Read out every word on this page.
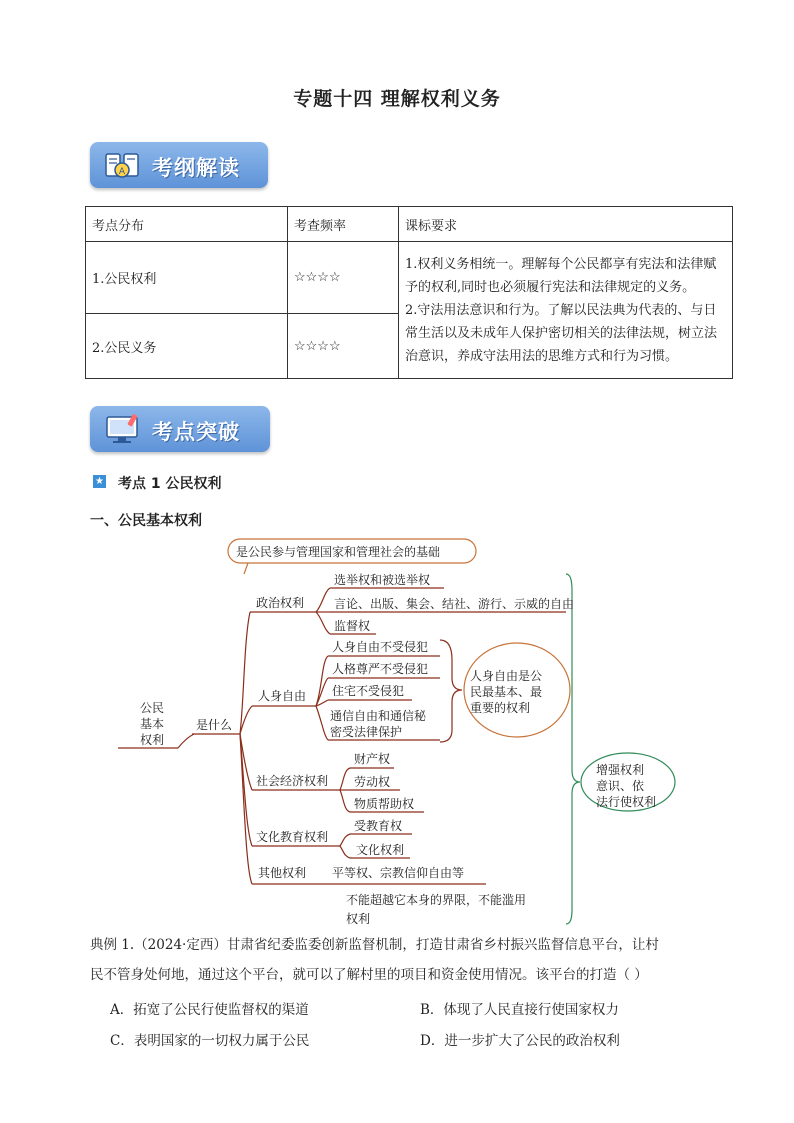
专题十四 理解权利义务
A 考纲解读
考点分布	考查频率	课标要求
1.公民权利	☆☆☆☆	1.权利义务相统一。理解每个公民都享有宪法和法律赋予的权利,同时也必须履行宪法和法律规定的义务。

2.守法用法意识和行为。了解以民法典为代表的、与日常生活以及未成年人保护密切相关的法律法规，树立法治意识，养成守法用法的思维方式和行为习惯。

2.公民义务	☆☆☆☆	
考点突破
★ 考点 1 公民权利
一、公民基本权利
是公民参与管理国家和管理社会的基础
公民
基本
权利
是什么
政治权利
选举权和被选举权
言论、出版、集会、结社、游行、示威的自由
监督权
人身自由
人身自由不受侵犯
人格尊严不受侵犯
住宅不受侵犯
通信自由和通信秘
密受法律保护
人身自由是公
民最基本、最
重要的权利
社会经济权利
财产权
劳动权
物质帮助权
文化教育权利
受教育权
文化权利
其他权利 平等权、宗教信仰自由等
不能超越它本身的界限，不能滥用
权利
增强权利
意识、依
法行使权利
典例 1.（2024·定西）甘肃省纪委监委创新监督机制，打造甘肃省乡村振兴监督信息平台，让村
民不管身处何地，通过这个平台，就可以了解村里的项目和资金使用情况。该平台的打造（ ）
A．拓宽了公民行使监督权的渠道	B．体现了人民直接行使国家权力
C．表明国家的一切权力属于公民	D．进一步扩大了公民的政治权利
